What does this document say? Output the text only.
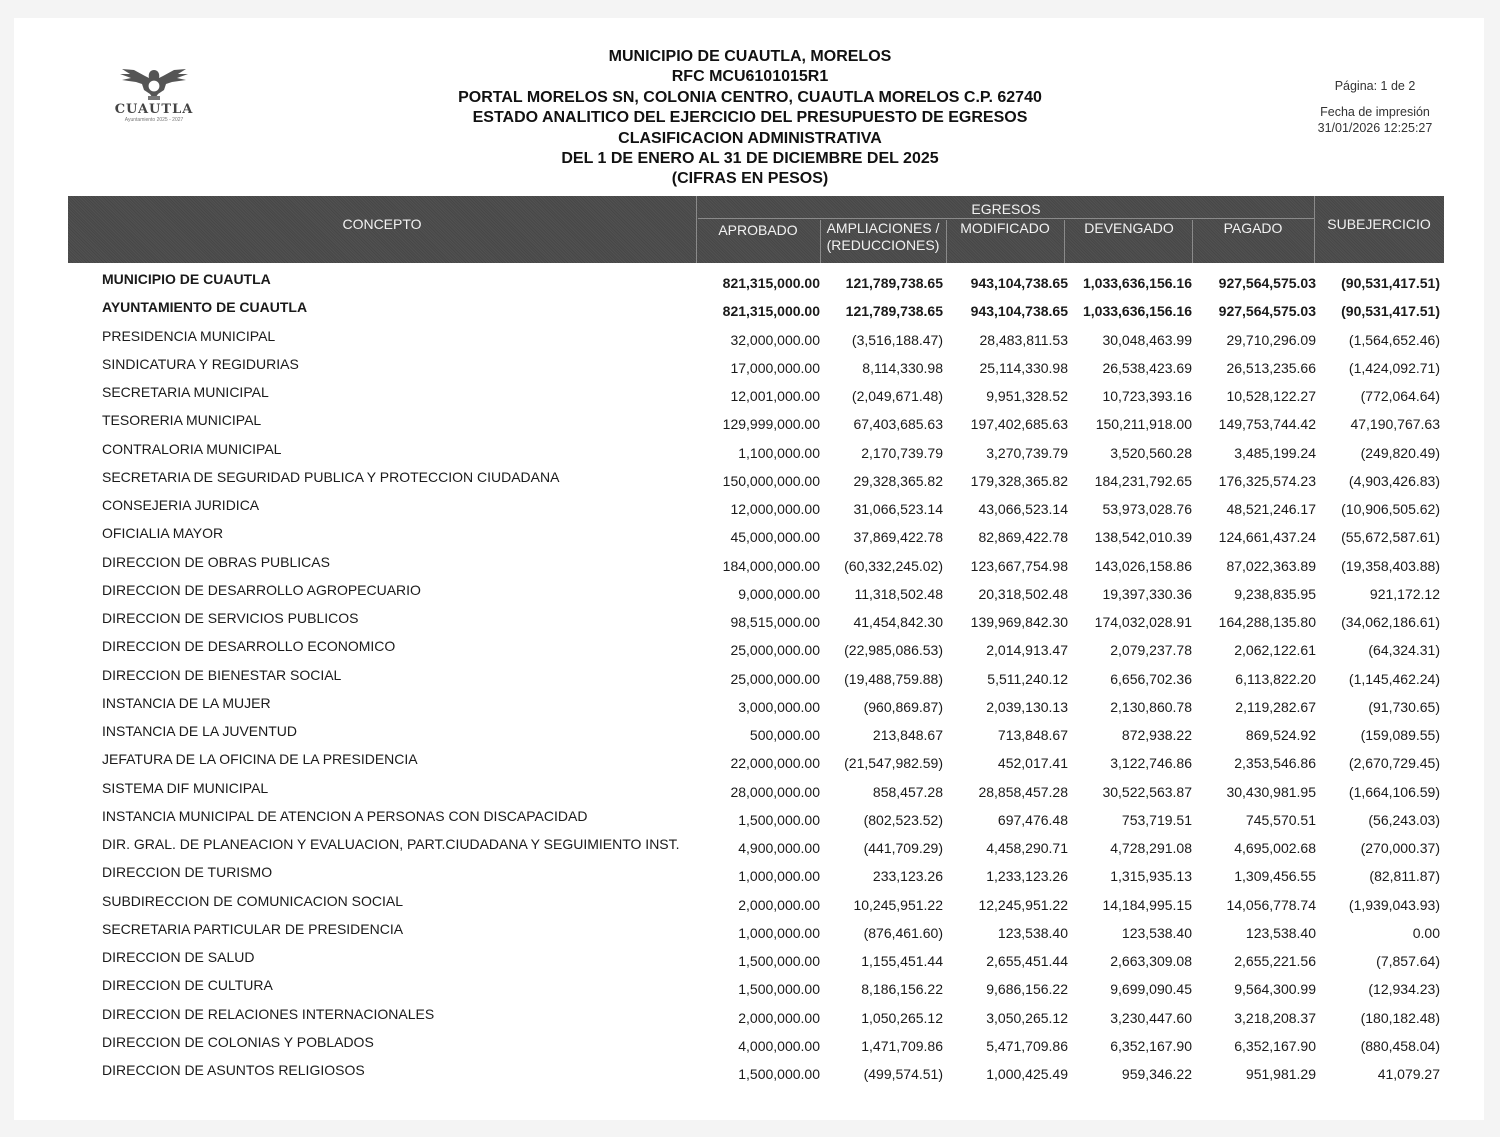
CUAUTLA
Ayuntamiento 2025 - 2027
MUNICIPIO DE CUAUTLA, MORELOS
RFC MCU6101015R1
PORTAL MORELOS SN, COLONIA CENTRO, CUAUTLA MORELOS C.P. 62740
ESTADO ANALITICO DEL EJERCICIO DEL PRESUPUESTO DE EGRESOS
CLASIFICACION ADMINISTRATIVA
DEL 1 DE ENERO AL 31 DE DICIEMBRE DEL 2025
(CIFRAS EN PESOS)
Página: 1 de 2
Fecha de impresión
31/01/2026 12:25:27
CONCEPTO
EGRESOS
APROBADO	AMPLIACIONES /
(REDUCCIONES)
MODIFICADO	DEVENGADO	PAGADO	SUBEJERCICIO
MUNICIPIO DE CUAUTLA	821,315,000.00	121,789,738.65	943,104,738.65	1,033,636,156.16	927,564,575.03	(90,531,417.51)
AYUNTAMIENTO DE CUAUTLA	821,315,000.00	121,789,738.65	943,104,738.65	1,033,636,156.16	927,564,575.03	(90,531,417.51)
PRESIDENCIA MUNICIPAL	32,000,000.00	(3,516,188.47)	28,483,811.53	30,048,463.99	29,710,296.09	(1,564,652.46)
SINDICATURA Y REGIDURIAS	17,000,000.00	8,114,330.98	25,114,330.98	26,538,423.69	26,513,235.66	(1,424,092.71)
SECRETARIA MUNICIPAL	12,001,000.00	(2,049,671.48)	9,951,328.52	10,723,393.16	10,528,122.27	(772,064.64)
TESORERIA MUNICIPAL	129,999,000.00	67,403,685.63	197,402,685.63	150,211,918.00	149,753,744.42	47,190,767.63
CONTRALORIA MUNICIPAL	1,100,000.00	2,170,739.79	3,270,739.79	3,520,560.28	3,485,199.24	(249,820.49)
SECRETARIA DE SEGURIDAD PUBLICA Y PROTECCION CIUDADANA	150,000,000.00	29,328,365.82	179,328,365.82	184,231,792.65	176,325,574.23	(4,903,426.83)
CONSEJERIA JURIDICA	12,000,000.00	31,066,523.14	43,066,523.14	53,973,028.76	48,521,246.17	(10,906,505.62)
OFICIALIA MAYOR	45,000,000.00	37,869,422.78	82,869,422.78	138,542,010.39	124,661,437.24	(55,672,587.61)
DIRECCION DE OBRAS PUBLICAS	184,000,000.00	(60,332,245.02)	123,667,754.98	143,026,158.86	87,022,363.89	(19,358,403.88)
DIRECCION DE DESARROLLO AGROPECUARIO	9,000,000.00	11,318,502.48	20,318,502.48	19,397,330.36	9,238,835.95	921,172.12
DIRECCION DE SERVICIOS PUBLICOS	98,515,000.00	41,454,842.30	139,969,842.30	174,032,028.91	164,288,135.80	(34,062,186.61)
DIRECCION DE DESARROLLO ECONOMICO	25,000,000.00	(22,985,086.53)	2,014,913.47	2,079,237.78	2,062,122.61	(64,324.31)
DIRECCION DE BIENESTAR SOCIAL	25,000,000.00	(19,488,759.88)	5,511,240.12	6,656,702.36	6,113,822.20	(1,145,462.24)
INSTANCIA DE LA MUJER	3,000,000.00	(960,869.87)	2,039,130.13	2,130,860.78	2,119,282.67	(91,730.65)
INSTANCIA DE LA JUVENTUD	500,000.00	213,848.67	713,848.67	872,938.22	869,524.92	(159,089.55)
JEFATURA DE LA OFICINA DE LA PRESIDENCIA	22,000,000.00	(21,547,982.59)	452,017.41	3,122,746.86	2,353,546.86	(2,670,729.45)
SISTEMA DIF MUNICIPAL	28,000,000.00	858,457.28	28,858,457.28	30,522,563.87	30,430,981.95	(1,664,106.59)
INSTANCIA MUNICIPAL DE ATENCION A PERSONAS CON DISCAPACIDAD	1,500,000.00	(802,523.52)	697,476.48	753,719.51	745,570.51	(56,243.03)
DIR. GRAL. DE PLANEACION Y EVALUACION, PART.CIUDADANA Y SEGUIMIENTO INST.	4,900,000.00	(441,709.29)	4,458,290.71	4,728,291.08	4,695,002.68	(270,000.37)
DIRECCION DE TURISMO	1,000,000.00	233,123.26	1,233,123.26	1,315,935.13	1,309,456.55	(82,811.87)
SUBDIRECCION DE COMUNICACION SOCIAL	2,000,000.00	10,245,951.22	12,245,951.22	14,184,995.15	14,056,778.74	(1,939,043.93)
SECRETARIA PARTICULAR DE PRESIDENCIA	1,000,000.00	(876,461.60)	123,538.40	123,538.40	123,538.40	0.00
DIRECCION DE SALUD	1,500,000.00	1,155,451.44	2,655,451.44	2,663,309.08	2,655,221.56	(7,857.64)
DIRECCION DE CULTURA	1,500,000.00	8,186,156.22	9,686,156.22	9,699,090.45	9,564,300.99	(12,934.23)
DIRECCION DE RELACIONES INTERNACIONALES	2,000,000.00	1,050,265.12	3,050,265.12	3,230,447.60	3,218,208.37	(180,182.48)
DIRECCION DE COLONIAS Y POBLADOS	4,000,000.00	1,471,709.86	5,471,709.86	6,352,167.90	6,352,167.90	(880,458.04)
DIRECCION DE ASUNTOS RELIGIOSOS	1,500,000.00	(499,574.51)	1,000,425.49	959,346.22	951,981.29	41,079.27
